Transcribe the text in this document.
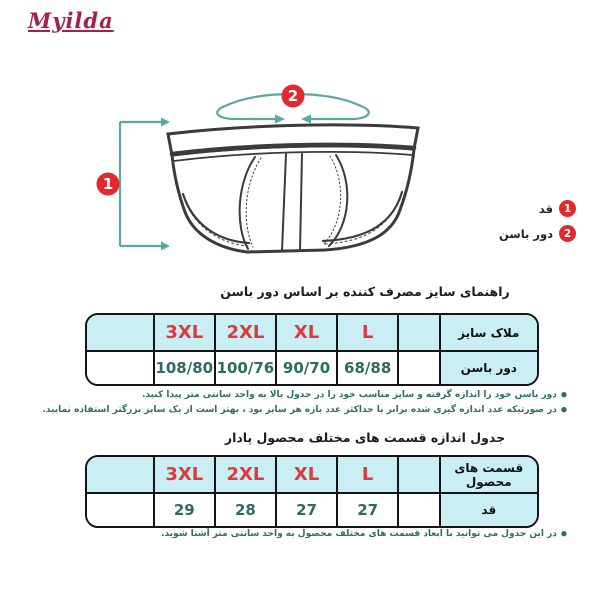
Myilda
2
1
1
قد
2
دور باسن
راهنمای سایز مصرف کننده بر اساس دور باسن
ملاک سایز		L	XL	2XL	3XL	
دور باسن		68/88	90/70	100/76	108/80	
●
دور باسن خود را اندازه گرفته و سایز مناسب خود را در جدول بالا به واحد سانتی متر پیدا کنید.
●
در صورتیکه عدد اندازه گیری شده برابر با حداکثر عدد بازه هر سایز بود ، بهتر است از یک سایز بزرگتر استفاده نمایید.
جدول اندازه قسمت های مختلف محصول پادار
قسمت های محصول		L	XL	2XL	3XL	
قد		27	27	28	29	
●
در این جدول می توانید با ابعاد قسمت های مختلف محصول به واحد سانتی متر آشنا شوید.
